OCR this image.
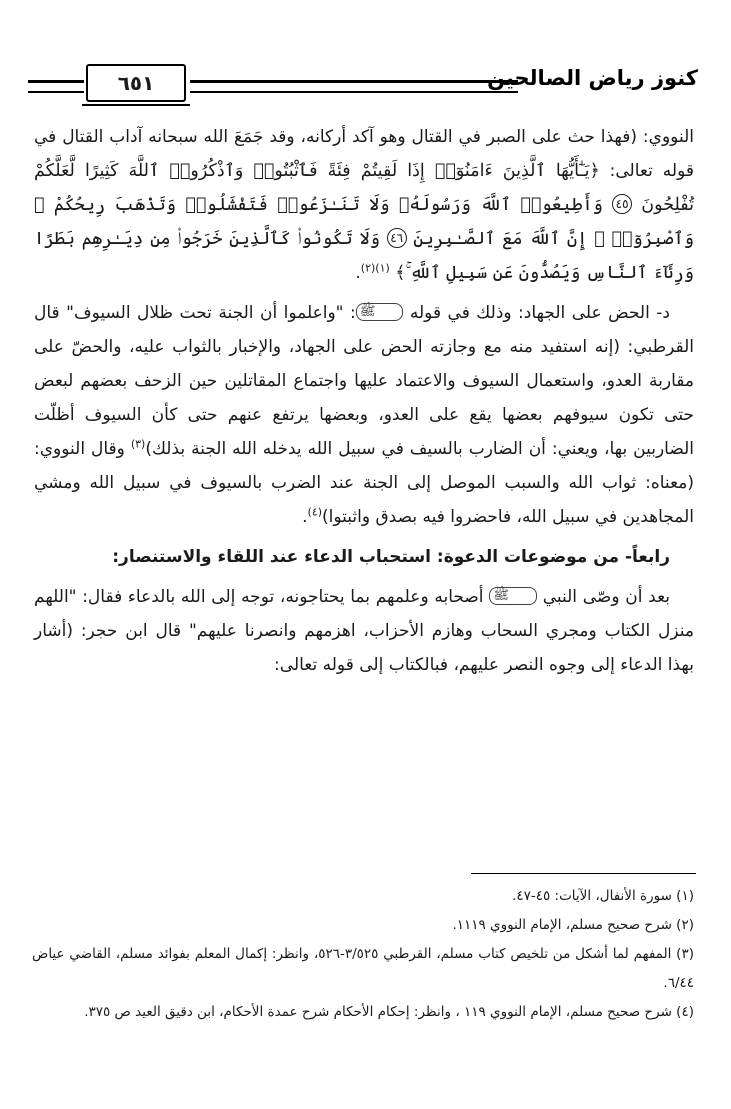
كنوز رياض الصالحين
٦٥١

النووي: (فهذا حث على الصبر في القتال وهو آكد أركانه، وقد جَمَعَ الله سبحانه آداب القتال في قوله تعالى: ﴿يَـٰٓأَيُّهَا ٱلَّذِينَ ءَامَنُوٓا۟ إِذَا لَقِيتُمْ فِئَةً فَٱثْبُتُوا۟ وَٱذْكُرُوا۟ ٱللَّهَ كَثِيرًا لَّعَلَّكُمْ تُفْلِحُونَ ٤٥ وَأَطِيعُوا۟ ٱللَّهَ وَرَسُولَهُۥ وَلَا تَنَـٰزَعُوا۟ فَتَفْشَلُوا۟ وَتَذْهَبَ رِيحُكُمْ ۖ وَٱصْبِرُوٓا۟ ۚ إِنَّ ٱللَّهَ مَعَ ٱلصَّـٰبِرِينَ ٤٦ وَلَا تَكُونُوا۟ كَٱلَّذِينَ خَرَجُوا۟ مِن دِيَـٰرِهِم بَطَرًا وَرِئَآءَ ٱلنَّاسِ وَيَصُدُّونَ عَن سَبِيلِ ٱللَّهِ ۚ﴾ $^{(١)(٢)}$.

د- الحض على الجهاد: وذلك في قوله ﷺ: "واعلموا أن الجنة تحت ظلال السيوف" قال القرطبي: (إنه استفيد منه مع وجازته الحض على الجهاد، والإخبار بالثواب عليه، والحضّ على مقاربة العدو، واستعمال السيوف والاعتماد عليها واجتماع المقاتلين حين الزحف بعضهم لبعض حتى تكون سيوفهم بعضها يقع على العدو، وبعضها يرتفع عنهم حتى كأن السيوف أظلّت الضاربين بها، ويعني: أن الضارب بالسيف في سبيل الله يدخله الله الجنة بذلك)$^{(٣)}$ وقال النووي: (معناه: ثواب الله والسبب الموصل إلى الجنة عند الضرب بالسيوف في سبيل الله ومشي المجاهدين في سبيل الله، فاحضروا فيه بصدق واثبتوا)$^{(٤)}$.

رابعاً- من موضوعات الدعوة: استحباب الدعاء عند اللقاء والاستنصار:

بعد أن وصّى النبي ﷺ أصحابه وعلمهم بما يحتاجونه، توجه إلى الله بالدعاء فقال: "اللهم منزل الكتاب ومجري السحاب وهازم الأحزاب، اهزمهم وانصرنا عليهم" قال ابن حجر: (أشار بهذا الدعاء إلى وجوه النصر عليهم، فبالكتاب إلى قوله تعالى:

(١) سورة الأنفال، الآيات: ٤٥-٤٧.

(٢) شرح صحيح مسلم، الإمام النووي ١١١٩.

(٣) المفهم لما أشكل من تلخيص كتاب مسلم، القرطبي ٣/٥٢٥-٥٢٦، وانظر: إكمال المعلم بفوائد مسلم، القاضي عياض ٦/٤٤.

(٤) شرح صحيح مسلم، الإمام النووي ١١٩ ، وانظر: إحكام الأحكام شرح عمدة الأحكام، ابن دقيق العيد ص ٣٧٥.
